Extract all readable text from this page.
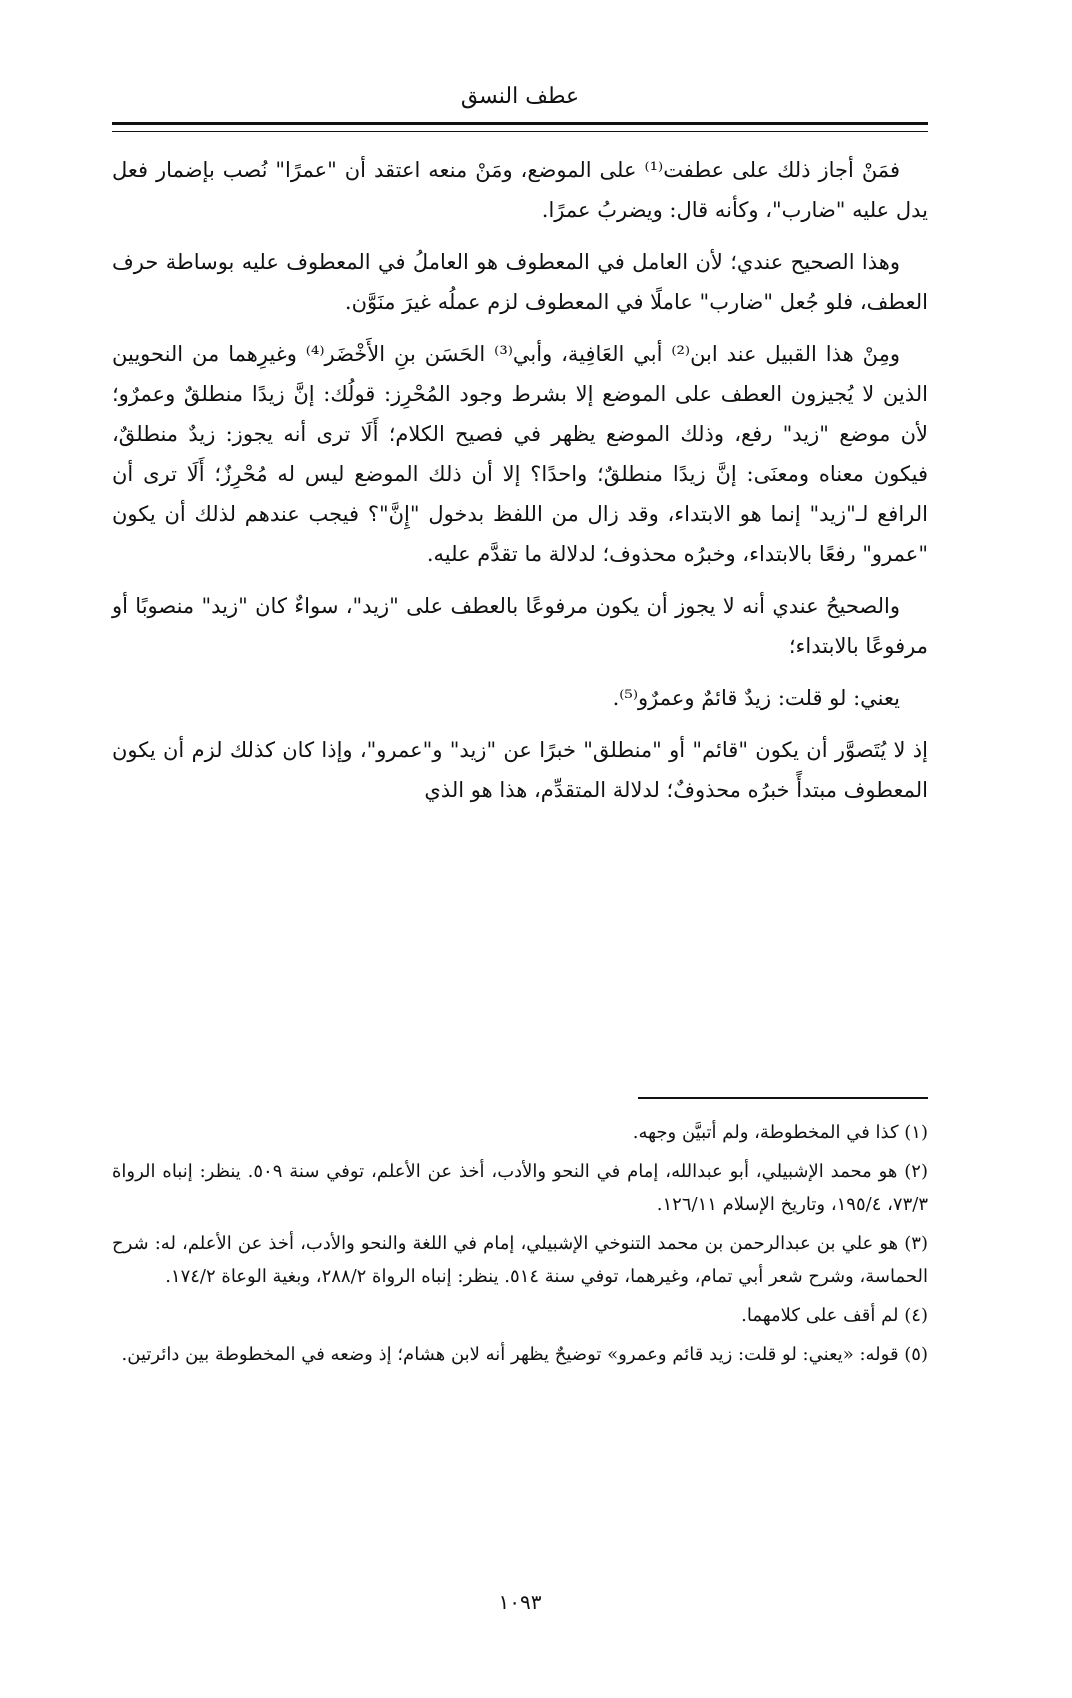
عطف النسق

فمَنْ أجاز ذلك على عطفت⁽¹⁾ على الموضع، ومَنْ منعه اعتقد أن "عمرًا" نُصب بإضمار فعل يدل عليه "ضارب"، وكأنه قال: ويضربُ عمرًا.

وهذا الصحيح عندي؛ لأن العامل في المعطوف هو العاملُ في المعطوف عليه بوساطة حرف العطف، فلو جُعل "ضارب" عاملًا في المعطوف لزم عملُه غيرَ منَوَّن.

ومِنْ هذا القبيل عند ابن⁽²⁾ أبي العَافِية، وأبي⁽³⁾ الحَسَن بنِ الأَخْضَر⁽⁴⁾ وغيرِهما من النحويين الذين لا يُجيزون العطف على الموضع إلا بشرط وجود المُحْرِز: قولُك: إنَّ زيدًا منطلقٌ وعمرٌو؛ لأن موضع "زيد" رفع، وذلك الموضع يظهر في فصيح الكلام؛ أَلَا ترى أنه يجوز: زيدٌ منطلقٌ، فيكون معناه ومعنَى: إنَّ زيدًا منطلقٌ؛ واحدًا؟ إلا أن ذلك الموضع ليس له مُحْرِزٌ؛ أَلَا ترى أن الرافع لـ"زيد" إنما هو الابتداء، وقد زال من اللفظ بدخول "إِنَّ"؟ فيجب عندهم لذلك أن يكون "عمرو" رفعًا بالابتداء، وخبرُه محذوف؛ لدلالة ما تقدَّم عليه.

والصحيحُ عندي أنه لا يجوز أن يكون مرفوعًا بالعطف على "زيد"، سواءٌ كان "زيد" منصوبًا أو مرفوعًا بالابتداء؛

يعني: لو قلت: زيدٌ قائمٌ وعمرٌو⁽⁵⁾.

إذ لا يُتَصوَّر أن يكون "قائم" أو "منطلق" خبرًا عن "زيد" و"عمرو"، وإذا كان كذلك لزم أن يكون المعطوف مبتدأً خبرُه محذوفٌ؛ لدلالة المتقدِّم، هذا هو الذي

(١) كذا في المخطوطة، ولم أتبيَّن وجهه.

(٢) هو محمد الإشبيلي، أبو عبدالله، إمام في النحو والأدب، أخذ عن الأعلم، توفي سنة ٥٠٩. ينظر: إنباه الرواة ٧٣/٣، ١٩٥/٤، وتاريخ الإسلام ١٢٦/١١.

(٣) هو علي بن عبدالرحمن بن محمد التنوخي الإشبيلي، إمام في اللغة والنحو والأدب، أخذ عن الأعلم، له: شرح الحماسة، وشرح شعر أبي تمام، وغيرهما، توفي سنة ٥١٤. ينظر: إنباه الرواة ٢٨٨/٢، وبغية الوعاة ١٧٤/٢.

(٤) لم أقف على كلامهما.

(٥) قوله: «يعني: لو قلت: زيد قائم وعمرو» توضيحٌ يظهر أنه لابن هشام؛ إذ وضعه في المخطوطة بين دائرتين.

١٠٩٣
